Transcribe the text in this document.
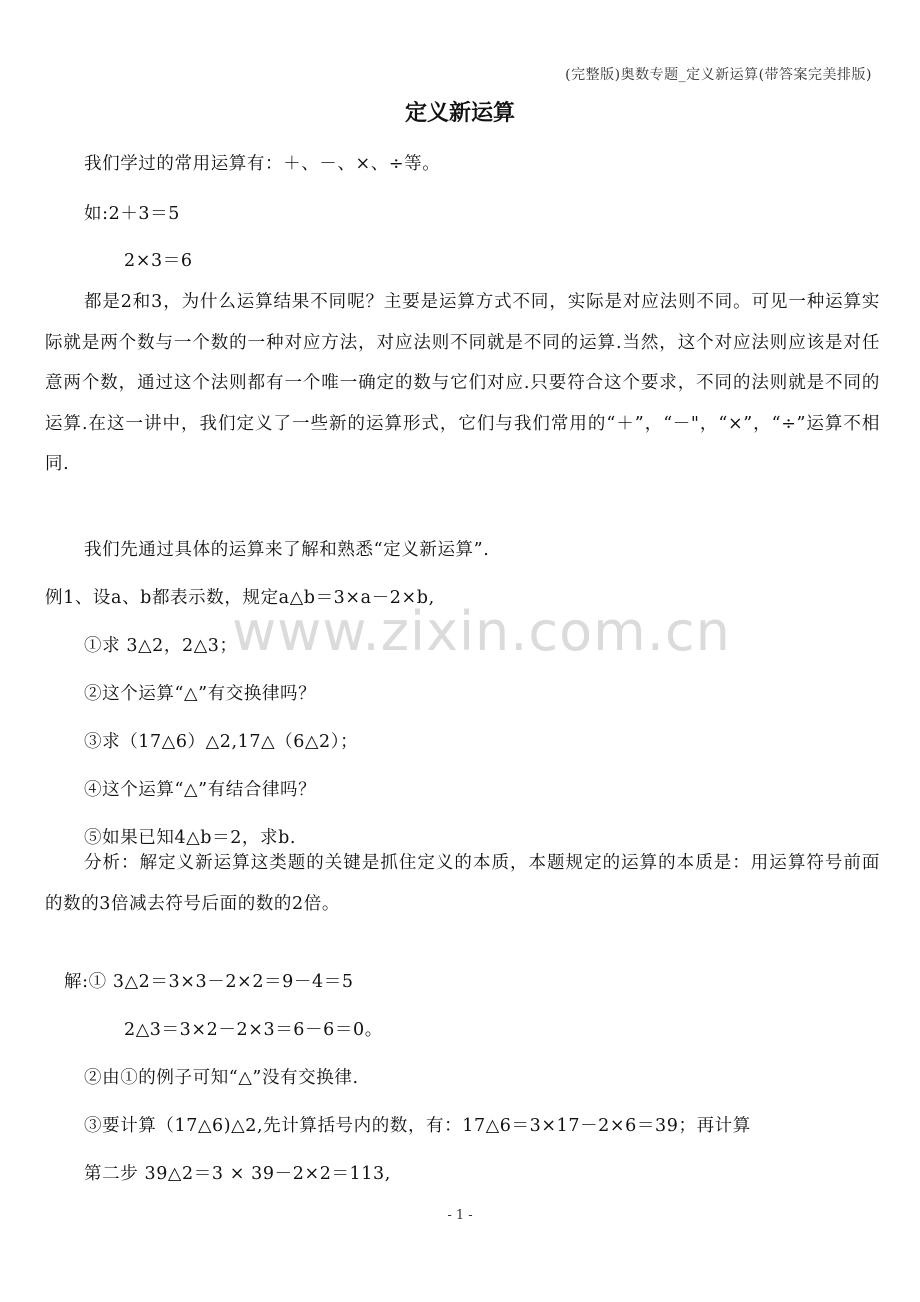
(完整版)奥数专题_定义新运算(带答案完美排版)
定义新运算
我们学过的常用运算有：＋、－、×、÷等。
如:2＋3＝5
2×3＝6
都是2和3，为什么运算结果不同呢？主要是运算方式不同，实际是对应法则不同。可见一种运算实际就是两个数与一个数的一种对应方法，对应法则不同就是不同的运算.当然，这个对应法则应该是对任意两个数，通过这个法则都有一个唯一确定的数与它们对应.只要符合这个要求，不同的法则就是不同的运算.在这一讲中，我们定义了一些新的运算形式，它们与我们常用的“＋”，“－"，“×”，“÷”运算不相同.
我们先通过具体的运算来了解和熟悉“定义新运算”.
例1、设a、b都表示数，规定a△b＝3×a－2×b,
①求 3△2，2△3；
②这个运算“△”有交换律吗？
③求（17△6）△2,17△（6△2）；
④这个运算“△”有结合律吗？
⑤如果已知4△b＝2，求b.
分析：解定义新运算这类题的关键是抓住定义的本质，本题规定的运算的本质是：用运算符号前面的数的3倍减去符号后面的数的2倍。
解:① 3△2＝3×3－2×2＝9－4＝5
2△3＝3×2－2×3＝6－6＝0。
②由①的例子可知“△”没有交换律.
③要计算（17△6)△2,先计算括号内的数，有：17△6＝3×17－2×6＝39；再计算
第二步 39△2＝3 × 39－2×2＝113,
www.zixin.com.cn
- 1 -
